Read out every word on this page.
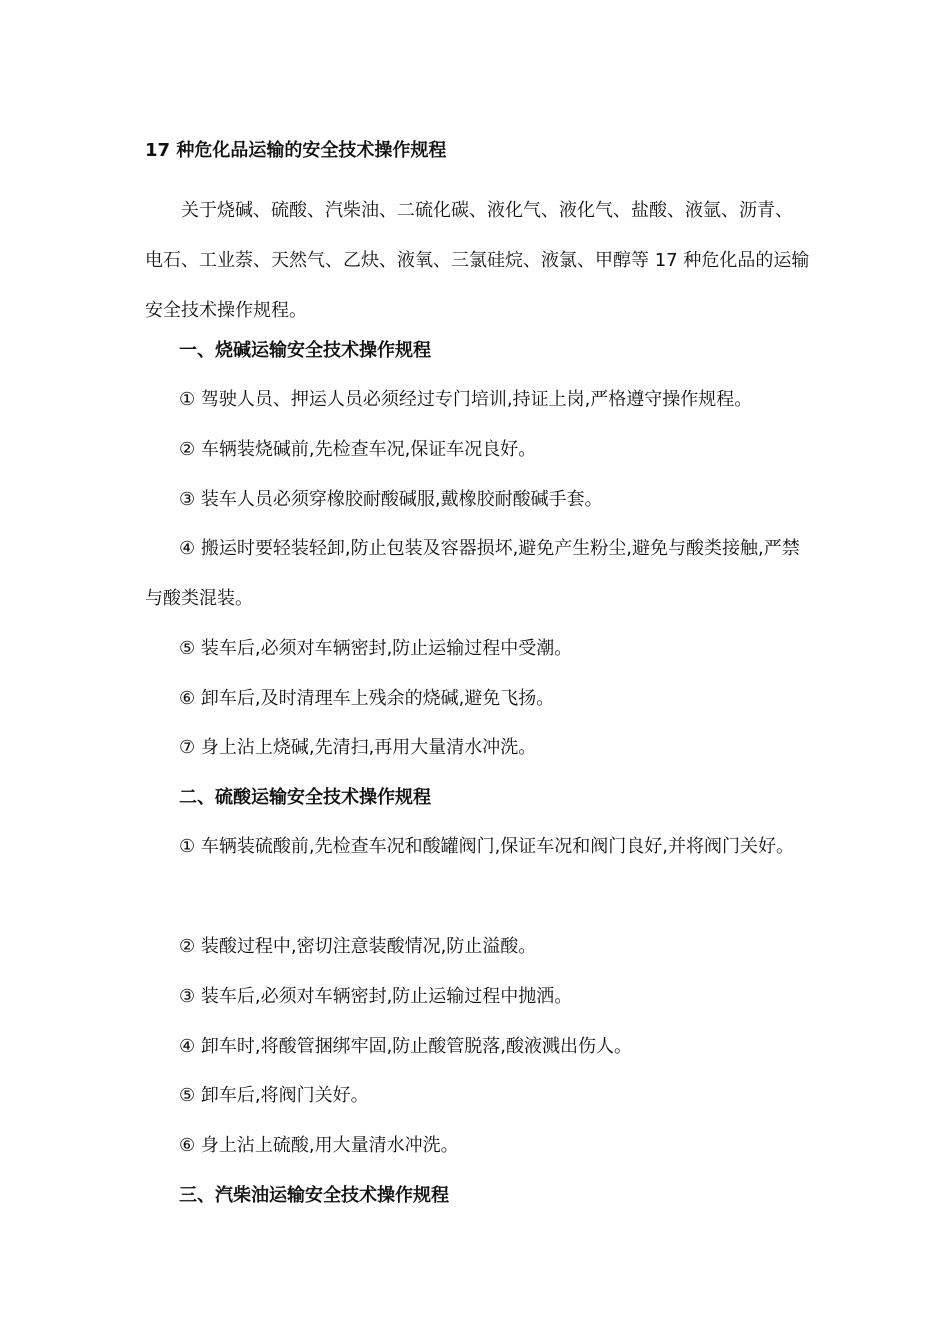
17 种危化品运输的安全技术操作规程

关于烧碱、硫酸、汽柴油、二硫化碳、液化气、液化气、盐酸、液氩、沥青、电石、工业萘、天然气、乙炔、液氧、三氯硅烷、液氯、甲醇等 17 种危化品的运输安全技术操作规程。

一、烧碱运输安全技术操作规程
① 驾驶人员、押运人员必须经过专门培训,持证上岗,严格遵守操作规程。
② 车辆装烧碱前,先检查车况,保证车况良好。
③ 装车人员必须穿橡胶耐酸碱服,戴橡胶耐酸碱手套。

④ 搬运时要轻装轻卸,防止包装及容器损坏,避免产生粉尘,避免与酸类接触,严禁与酸类混装。

⑤ 装车后,必须对车辆密封,防止运输过程中受潮。
⑥ 卸车后,及时清理车上残余的烧碱,避免飞扬。
⑦ 身上沾上烧碱,先清扫,再用大量清水冲洗。
二、硫酸运输安全技术操作规程

① 车辆装硫酸前,先检查车况和酸罐阀门,保证车况和阀门良好,并将阀门关好。

② 装酸过程中,密切注意装酸情况,防止溢酸。
③ 装车后,必须对车辆密封,防止运输过程中抛洒。
④ 卸车时,将酸管捆绑牢固,防止酸管脱落,酸液溅出伤人。
⑤ 卸车后,将阀门关好。
⑥ 身上沾上硫酸,用大量清水冲洗。
三、汽柴油运输安全技术操作规程
